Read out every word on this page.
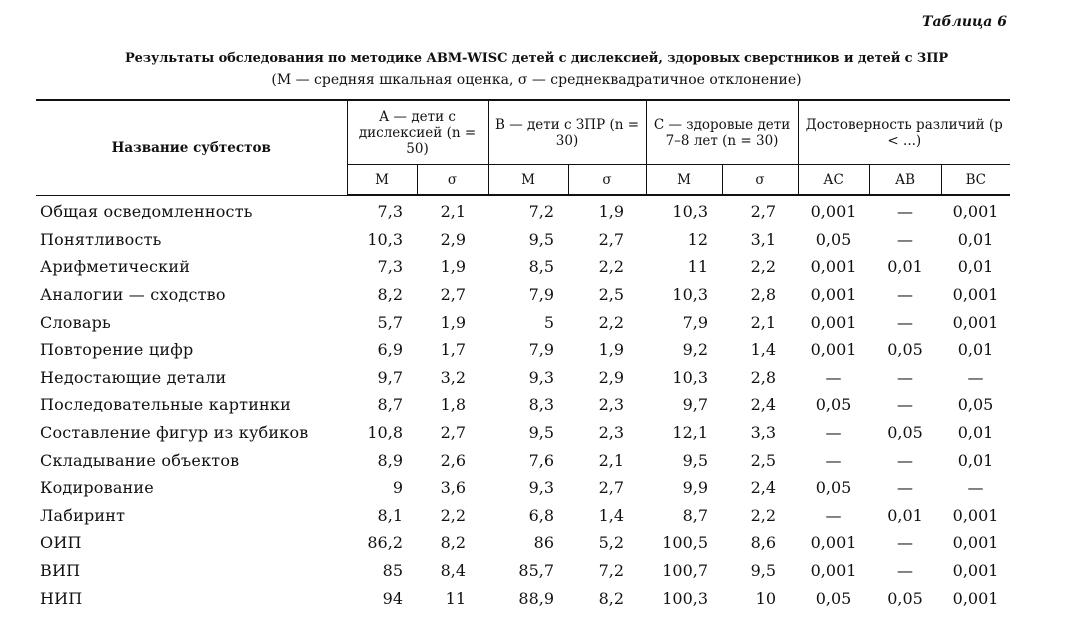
Таблица 6
Результаты обследования по методике АВМ-WISC детей с дислексией, здоровых сверстников и детей с ЗПР
(М — средняя шкальная оценка, σ — среднеквадратичное отклонение)
Название субтестов	А — дети с дислексией (n = 50)		В — дети с ЗПР (n = 30)		С — здоровые дети 7–8 лет (n = 30)		Достоверность различий (p < ...)		
	М	σ	М	σ	М	σ	АС	АВ	ВС
Общая осведомленность	7,3	2,1	7,2	1,9	10,3	2,7	0,001	—	0,001
Понятливость	10,3	2,9	9,5	2,7	12	3,1	0,05	—	0,01
Арифметический	7,3	1,9	8,5	2,2	11	2,2	0,001	0,01	0,01
Аналогии — сходство	8,2	2,7	7,9	2,5	10,3	2,8	0,001	—	0,001
Словарь	5,7	1,9	5	2,2	7,9	2,1	0,001	—	0,001
Повторение цифр	6,9	1,7	7,9	1,9	9,2	1,4	0,001	0,05	0,01
Недостающие детали	9,7	3,2	9,3	2,9	10,3	2,8	—	—	—
Последовательные картинки	8,7	1,8	8,3	2,3	9,7	2,4	0,05	—	0,05
Составление фигур из кубиков	10,8	2,7	9,5	2,3	12,1	3,3	—	0,05	0,01
Складывание объектов	8,9	2,6	7,6	2,1	9,5	2,5	—	—	0,01
Кодирование	9	3,6	9,3	2,7	9,9	2,4	0,05	—	—
Лабиринт	8,1	2,2	6,8	1,4	8,7	2,2	—	0,01	0,001
ОИП	86,2	8,2	86	5,2	100,5	8,6	0,001	—	0,001
ВИП	85	8,4	85,7	7,2	100,7	9,5	0,001	—	0,001
НИП	94	11	88,9	8,2	100,3	10	0,05	0,05	0,001
